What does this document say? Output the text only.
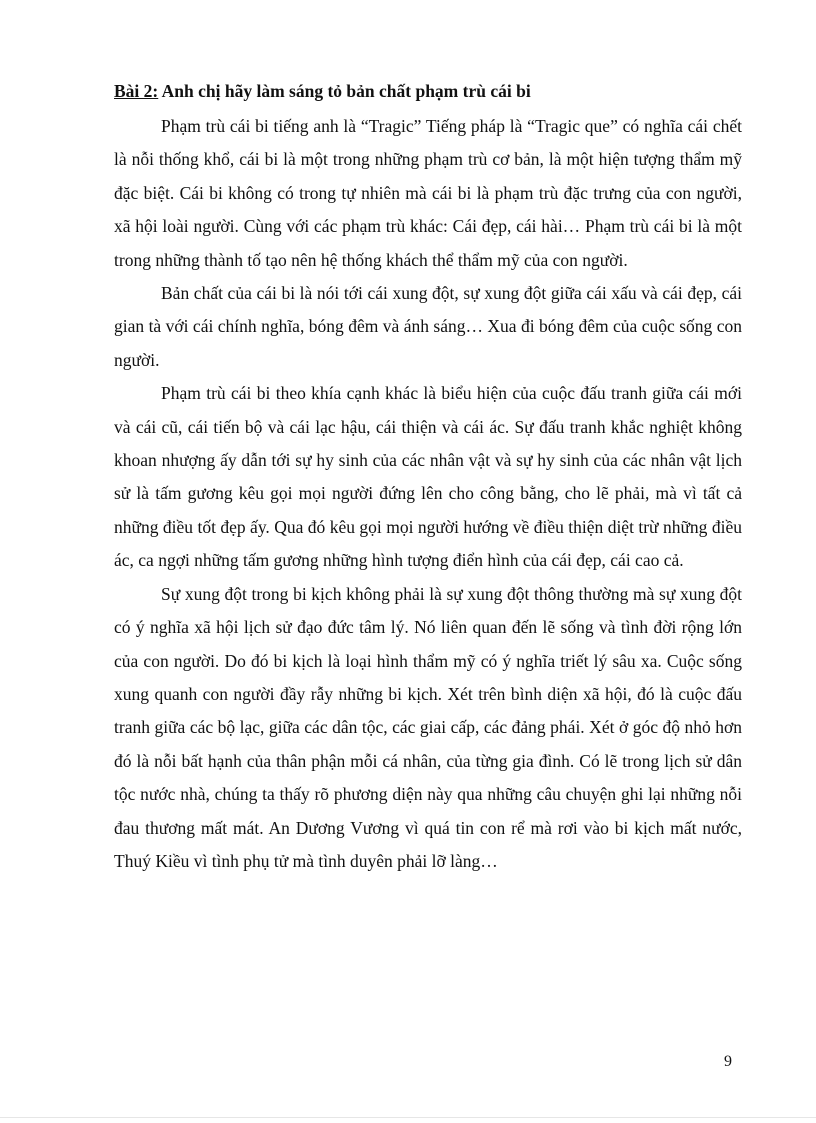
Bài 2: Anh chị hãy làm sáng tỏ bản chất phạm trù cái bi

Phạm trù cái bi tiếng anh là “Tragic” Tiếng pháp là “Tragic que” có nghĩa cái chết là nỗi thống khổ, cái bi là một trong những phạm trù cơ bản, là một hiện tượng thẩm mỹ đặc biệt. Cái bi không có trong tự nhiên mà cái bi là phạm trù đặc trưng của con người, xã hội loài người. Cùng với các phạm trù khác: Cái đẹp, cái hài… Phạm trù cái bi là một trong những thành tố tạo nên hệ thống khách thể thẩm mỹ của con người.

Bản chất của cái bi là nói tới cái xung đột, sự xung đột giữa cái xấu và cái đẹp, cái gian tà với cái chính nghĩa, bóng đêm và ánh sáng… Xua đi bóng đêm của cuộc sống con người.

Phạm trù cái bi theo khía cạnh khác là biểu hiện của cuộc đấu tranh giữa cái mới và cái cũ, cái tiến bộ và cái lạc hậu, cái thiện và cái ác. Sự đấu tranh khắc nghiệt không khoan nhượng ấy dẫn tới sự hy sinh của các nhân vật và sự hy sinh của các nhân vật lịch sử là tấm gương kêu gọi mọi người đứng lên cho công bằng, cho lẽ phải, mà vì tất cả những điều tốt đẹp ấy. Qua đó kêu gọi mọi người hướng về điều thiện diệt trừ những điều ác, ca ngợi những tấm gương những hình tượng điển hình của cái đẹp, cái cao cả.

Sự xung đột trong bi kịch không phải là sự xung đột thông thường mà sự xung đột có ý nghĩa xã hội lịch sử đạo đức tâm lý. Nó liên quan đến lẽ sống và tình đời rộng lớn của con người. Do đó bi kịch là loại hình thẩm mỹ có ý nghĩa triết lý sâu xa. Cuộc sống xung quanh con người đầy rẫy những bi kịch. Xét trên bình diện xã hội, đó là cuộc đấu tranh giữa các bộ lạc, giữa các dân tộc, các giai cấp, các đảng phái. Xét ở góc độ nhỏ hơn đó là nỗi bất hạnh của thân phận mỗi cá nhân, của từng gia đình. Có lẽ trong lịch sử dân tộc nước nhà, chúng ta thấy rõ phương diện này qua những câu chuyện ghi lại những nỗi đau thương mất mát. An Dương Vương vì quá tin con rể mà rơi vào bi kịch mất nước, Thuý Kiều vì tình phụ tử mà tình duyên phải lỡ làng…

9
